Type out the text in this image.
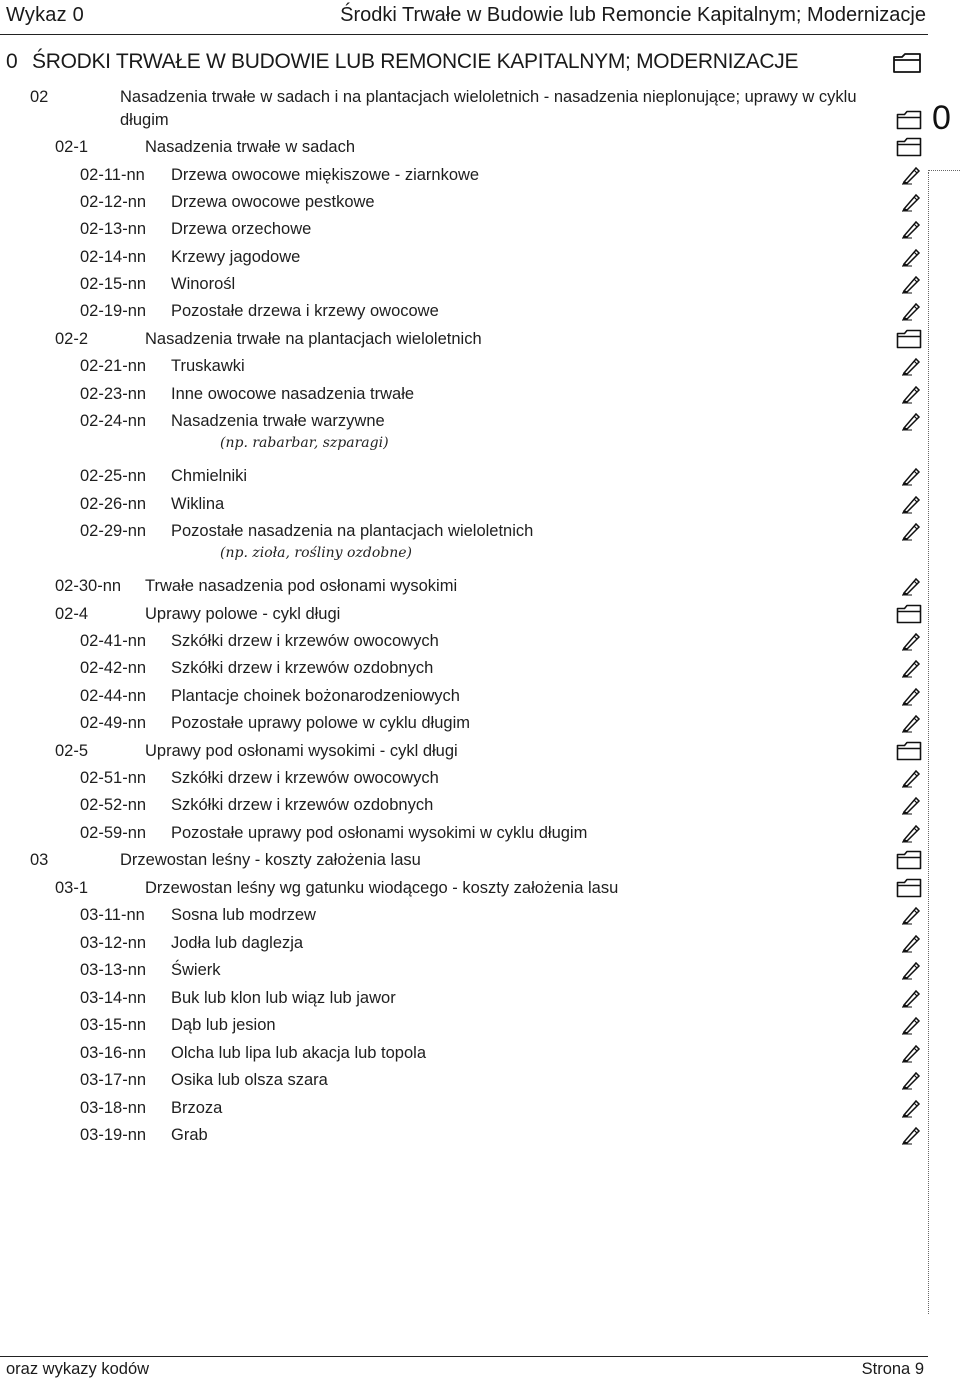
Wykaz 0	Środki Trwałe w Budowie lub Remoncie Kapitalnym; Modernizacje
0 ŚRODKI TRWAŁE W BUDOWIE LUB REMONCIE KAPITALNYM; MODERNIZACJE
0
02	Nasadzenia trwałe w sadach i na plantacjach wieloletnich - nasadzenia nieplonujące; uprawy w cyklu
długim
02-1	Nasadzenia trwałe w sadach
02-11-nn Drzewa owocowe miękiszowe - ziarnkowe
02-12-nn Drzewa owocowe pestkowe
02-13-nn Drzewa orzechowe
02-14-nn Krzewy jagodowe
02-15-nn Winorośl
02-19-nn Pozostałe drzewa i krzewy owocowe
02-2	Nasadzenia trwałe na plantacjach wieloletnich
02-21-nn Truskawki
02-23-nn Inne owocowe nasadzenia trwałe
02-24-nn Nasadzenia trwałe warzywne
(np. rabarbar, szparagi)
02-25-nn Chmielniki
02-26-nn Wiklina
02-29-nn Pozostałe nasadzenia na plantacjach wieloletnich
(np. zioła, rośliny ozdobne)
02-30-nn Trwałe nasadzenia pod osłonami wysokimi
02-4	Uprawy polowe - cykl długi
02-41-nn Szkółki drzew i krzewów owocowych
02-42-nn Szkółki drzew i krzewów ozdobnych
02-44-nn Plantacje choinek bożonarodzeniowych
02-49-nn Pozostałe uprawy polowe w cyklu długim
02-5	Uprawy pod osłonami wysokimi - cykl długi
02-51-nn Szkółki drzew i krzewów owocowych
02-52-nn Szkółki drzew i krzewów ozdobnych
02-59-nn Pozostałe uprawy pod osłonami wysokimi w cyklu długim
03	Drzewostan leśny - koszty założenia lasu
03-1	Drzewostan leśny wg gatunku wiodącego - koszty założenia lasu
03-11-nn Sosna lub modrzew
03-12-nn Jodła lub daglezja
03-13-nn Świerk
03-14-nn Buk lub klon lub wiąz lub jawor
03-15-nn Dąb lub jesion
03-16-nn Olcha lub lipa lub akacja lub topola
03-17-nn Osika lub olsza szara
03-18-nn Brzoza
03-19-nn Grab
oraz wykazy kodów	Strona 9
